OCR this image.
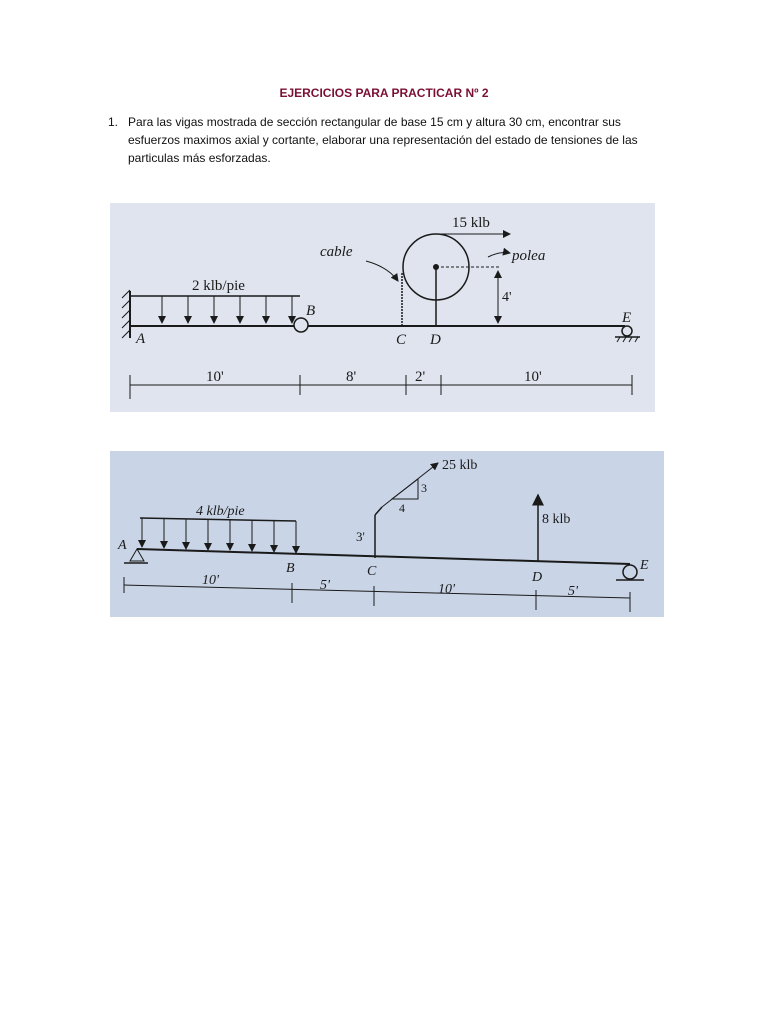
EJERCICIOS PARA PRACTICAR Nº 2
1. Para las vigas mostrada de sección rectangular de base 15 cm y altura 30 cm, encontrar sus esfuerzos maximos axial y cortante, elaborar una representación del estado de tensiones de las particulas más esforzadas.
2 klb/pie
B
A
cable
15 klb
polea
4'
C D
E
10'	8'	2'	10'
A
4 klb/pie
B
25 klb
3
4
3'
C
8 klb
D
E
10'	5'	10'	5'
